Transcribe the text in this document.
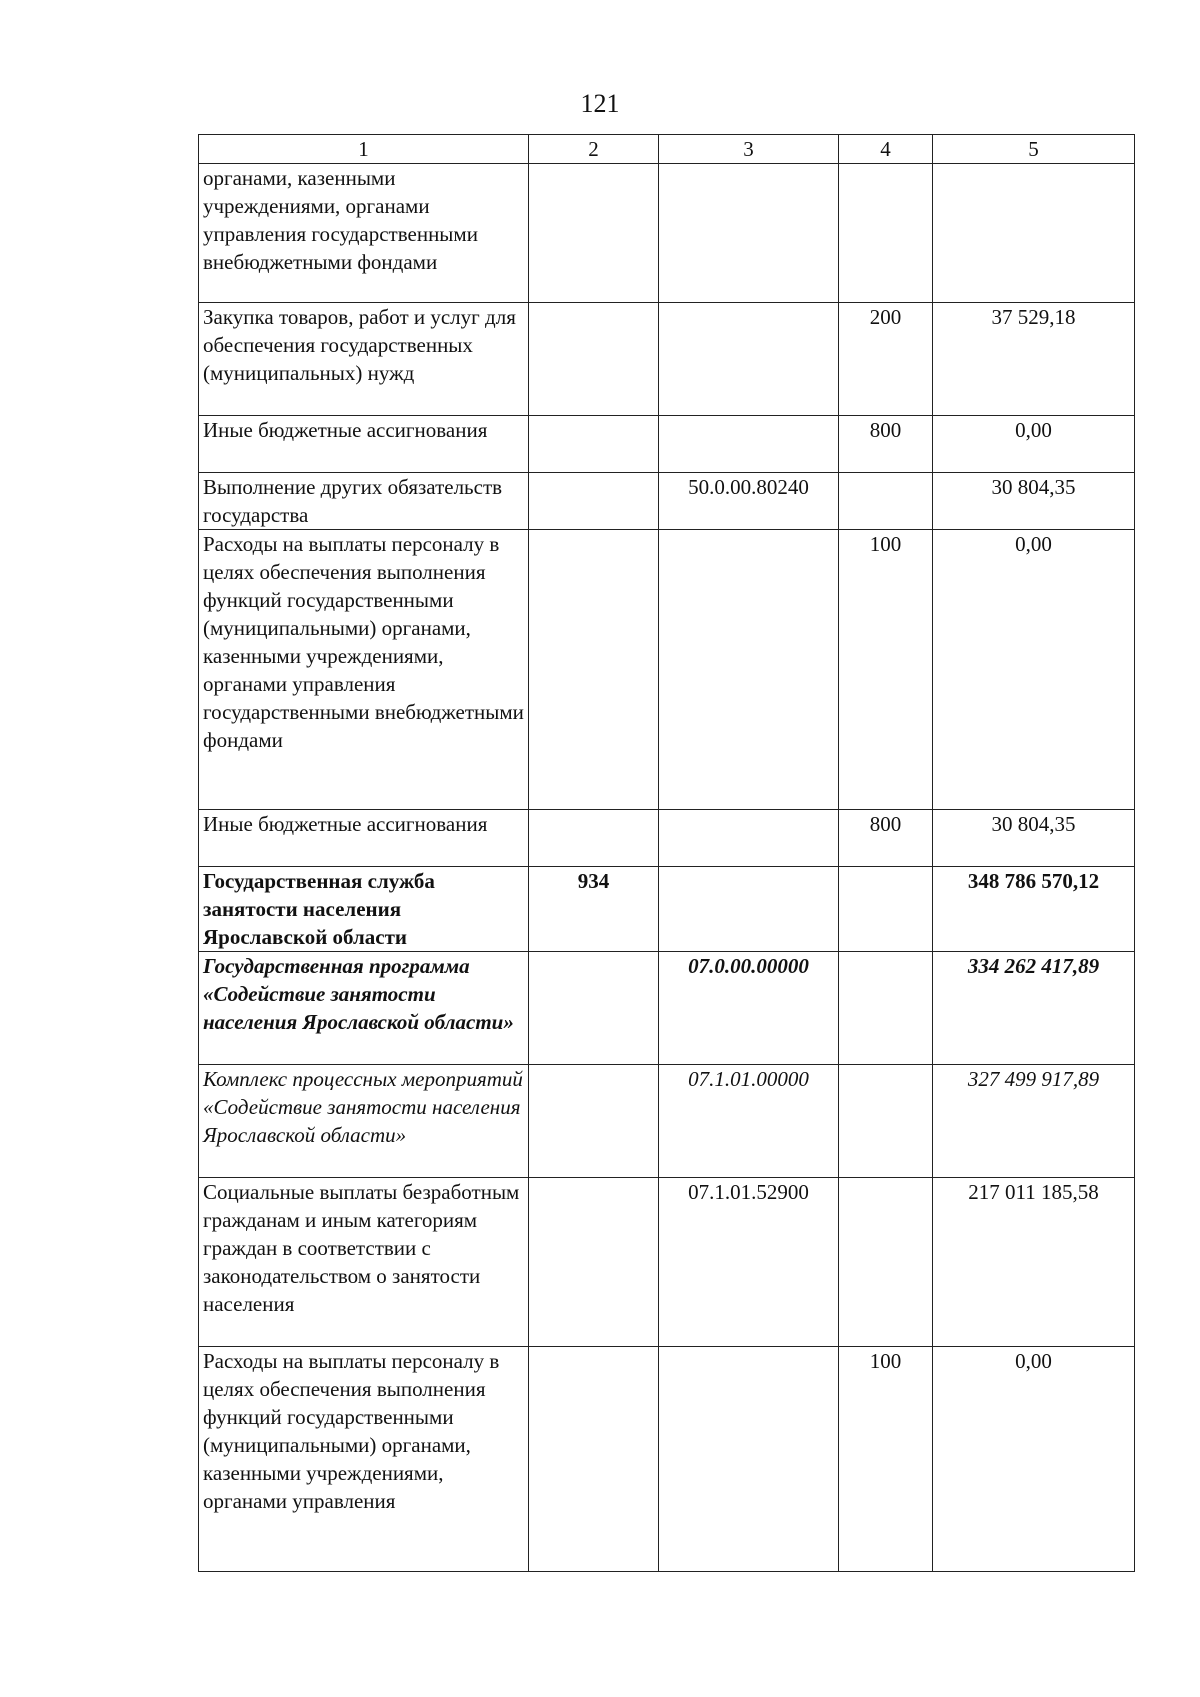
121
1	2	3	4	5
органами, казенными учреждениями, органами управления государственными внебюджетными фондами				
Закупка товаров, работ и услуг для обеспечения государственных (муниципальных) нужд			200	37 529,18
Иные бюджетные ассигнования			800	0,00
Выполнение других обязательств государства		50.0.00.80240		30 804,35
Расходы на выплаты персоналу в целях обеспечения выполнения функций государственными (муниципальными) органами, казенными учреждениями, органами управления государственными внебюджетными фондами			100	0,00
Иные бюджетные ассигнования			800	30 804,35
Государственная служба занятости населения Ярославской области	934			348 786 570,12
Государственная программа «Содействие занятости населения Ярославской области»		07.0.00.00000		334 262 417,89
Комплекс процессных мероприятий «Содействие занятости населения Ярославской области»		07.1.01.00000		327 499 917,89
Социальные выплаты безработным гражданам и иным категориям граждан в соответствии с законодательством о занятости населения		07.1.01.52900		217 011 185,58
Расходы на выплаты персоналу в целях обеспечения выполнения функций государственными (муниципальными) органами, казенными учреждениями, органами управления			100	0,00
